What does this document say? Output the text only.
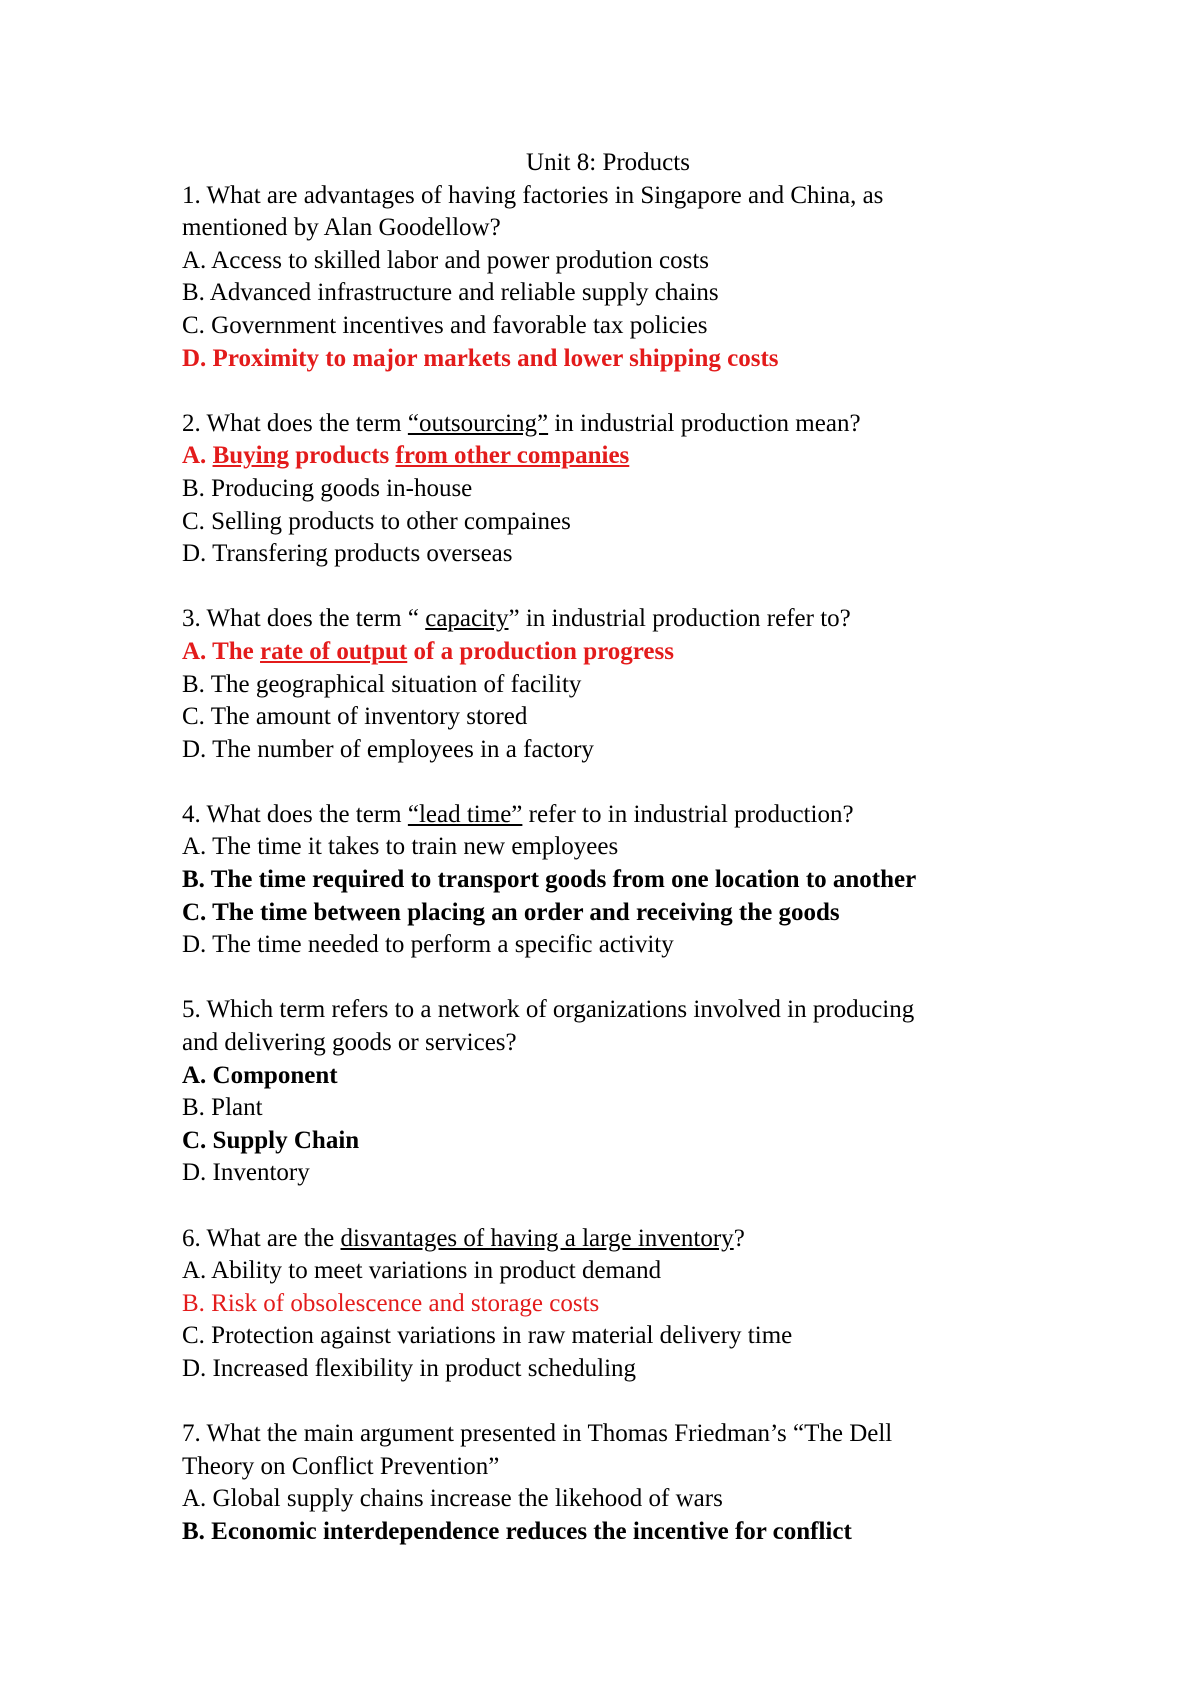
Unit 8: Products
1. What are advantages of having factories in Singapore and China, as
mentioned by Alan Goodellow?
A. Access to skilled labor and power prodution costs
B. Advanced infrastructure and reliable supply chains
C. Government incentives and favorable tax policies
D. Proximity to major markets and lower shipping costs
2. What does the term “outsourcing” in industrial production mean?
A. Buying products from other companies
B. Producing goods in-house
C. Selling products to other compaines
D. Transfering products overseas
3. What does the term “ capacity” in industrial production refer to?
A. The rate of output of a production progress
B. The geographical situation of facility
C. The amount of inventory stored
D. The number of employees in a factory
4. What does the term “lead time” refer to in industrial production?
A. The time it takes to train new employees
B. The time required to transport goods from one location to another
C. The time between placing an order and receiving the goods
D. The time needed to perform a specific activity
5. Which term refers to a network of organizations involved in producing
and delivering goods or services?
A. Component
B. Plant
C. Supply Chain
D. Inventory
6. What are the disvantages of having a large inventory?
A. Ability to meet variations in product demand
B. Risk of obsolescence and storage costs
C. Protection against variations in raw material delivery time
D. Increased flexibility in product scheduling
7. What the main argument presented in Thomas Friedman’s “The Dell
Theory on Conflict Prevention”
A. Global supply chains increase the likehood of wars
B. Economic interdependence reduces the incentive for conflict
